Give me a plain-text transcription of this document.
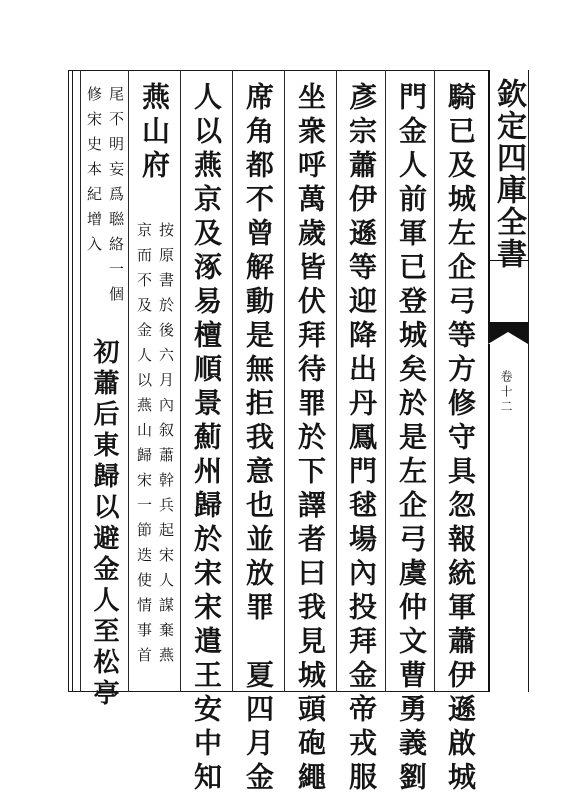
欽定四庫全書
卷十二
騎已及城左企弓等方修守具忽報統軍蕭伊遜啟城
門金人前軍已登城矣於是左企弓虞仲文曹勇義劉
彥宗蕭伊遜等迎降出丹鳳門毬場內投拜金帝戎服
坐衆呼萬歲皆伏拜待罪於下譯者曰我見城頭砲繩
席角都不曾解動是無拒我意也並放罪　夏四月金
人以燕京及涿易檀順景薊州歸於宋宋遣王安中知
燕山府
按原書於後六月內叙蕭幹兵起宋人謀棄燕
京而不及金人以燕山歸宋一節迭使情事首
尾不明妄爲聮絡一個
修宋史本紀增入
初蕭后東歸以避金人至松亭
